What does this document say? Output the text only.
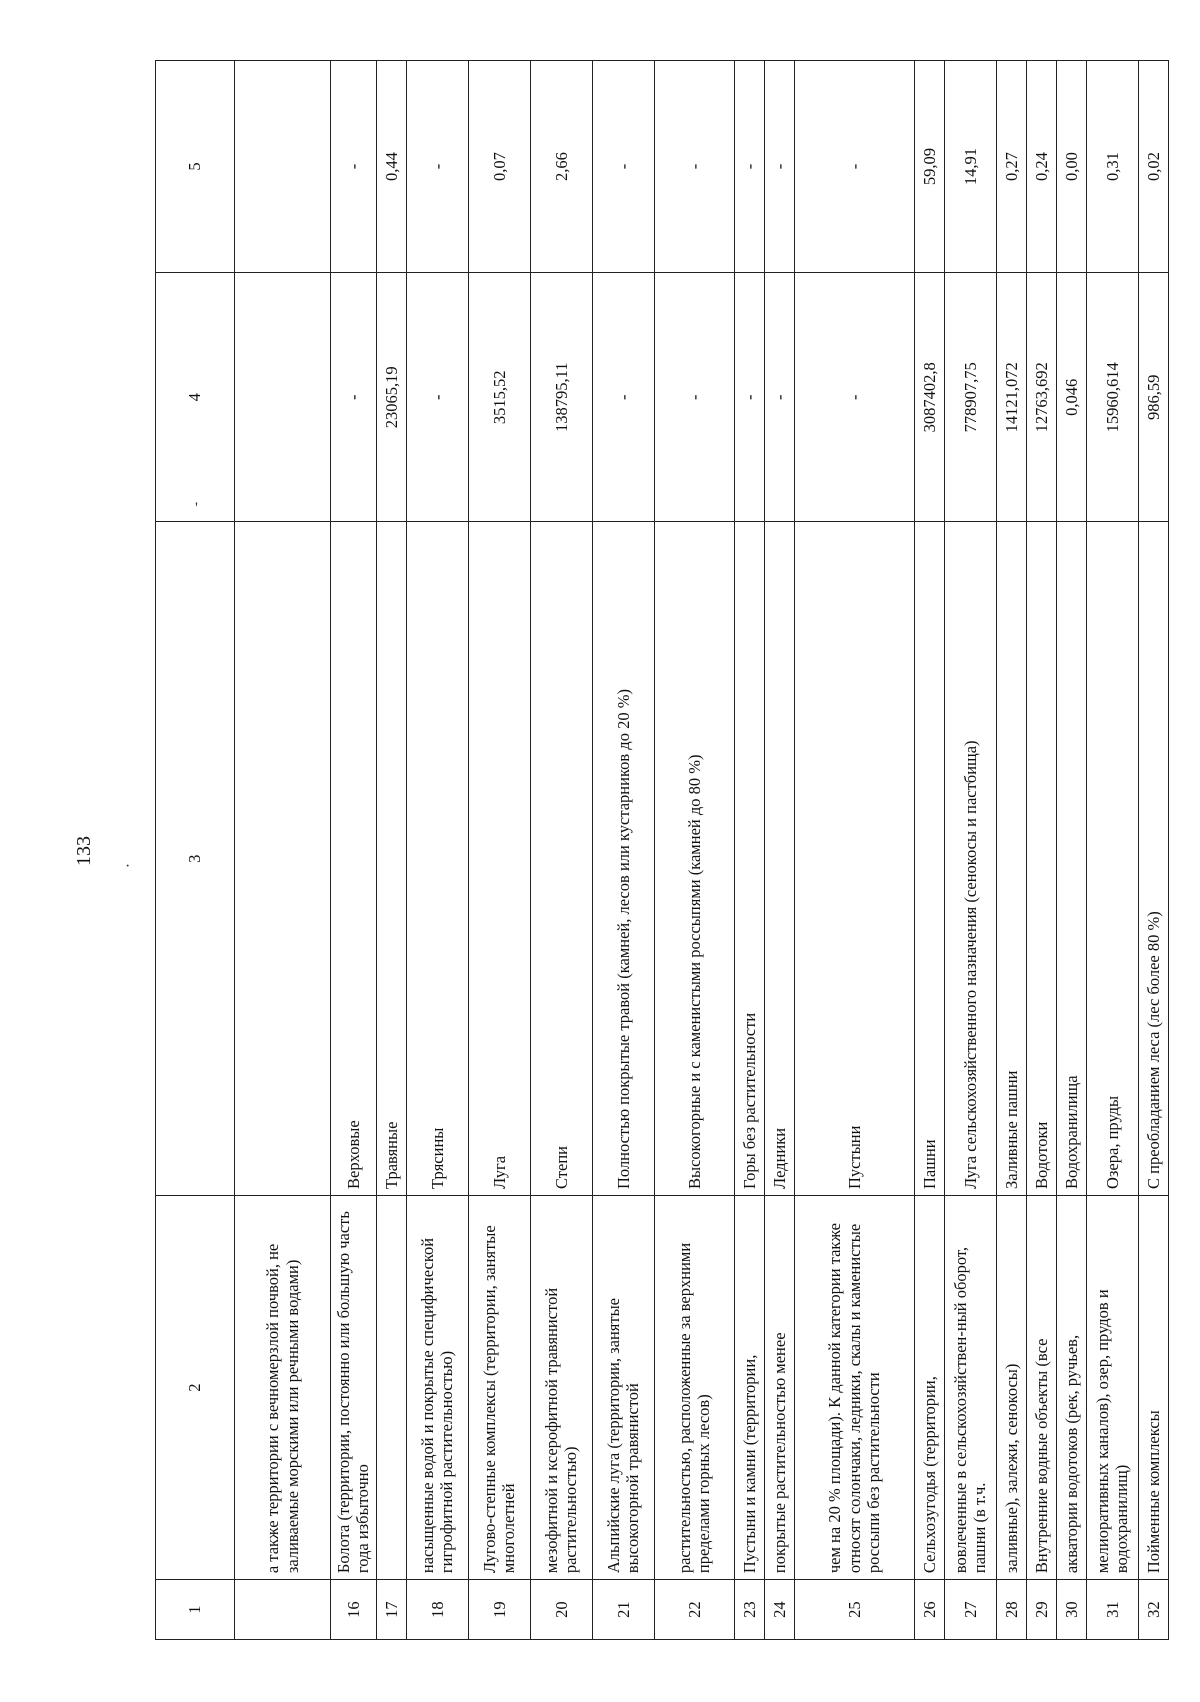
133
·
'
1	2	3	4	5
	а также территории с вечномерзлой почвой, не заливаемые морскими или речными водами)			
16	Болота (территории, постоянно или большую часть года избыточно	Верховые	-	-
17		Травяные	23065,19	0,44
18	насыщенные водой и покрытые специфической гигрофитной растительностью)	Трясины	-	-
19	Лугово-степные комплексы (территории, занятые многолетней	Луга	3515,52	0,07
20	мезофитной и ксерофитной травянистой растительностью)	Степи	138795,11	2,66
21	Альпийские луга (территории, занятые высокогорной травянистой	Полностью покрытые травой (камней, лесов или кустарников до 20 %)	-	-
22	растительностью, расположенные за верхними пределами горных лесов)	Высокогорные и с каменистыми россыпями (камней до 80 %)	-	-
23	Пустыни и камни (территории,	Горы без растительности	-	-
24	покрытые растительностью менее	Ледники	-	-
25	чем на 20 % площади). К данной категории также относят солончаки, ледники, скалы и каменистые россыпи без растительности	Пустыни	-	-
26	Сельхозугодья (территории,	Пашни	3087402,8	59,09
27	вовлеченные в сельскохозяйствен-ный оборот, пашни (в т.ч.	Луга сельскохозяйственного назначения (сенокосы и пастбища)	778907,75	14,91
28	заливные), залежи, сенокосы)	Заливные пашни	14121,072	0,27
29	Внутренние водные объекты (все	Водотоки	12763,692	0,24
30	акватории водотоков (рек, ручьев,	Водохранилища	0,046	0,00
31	мелиоративных каналов), озер, прудов и водохранилищ)	Озера, пруды	15960,614	0,31
32	Пойменные комплексы	С преобладанием леса (лес более 80 %)	986,59	0,02
